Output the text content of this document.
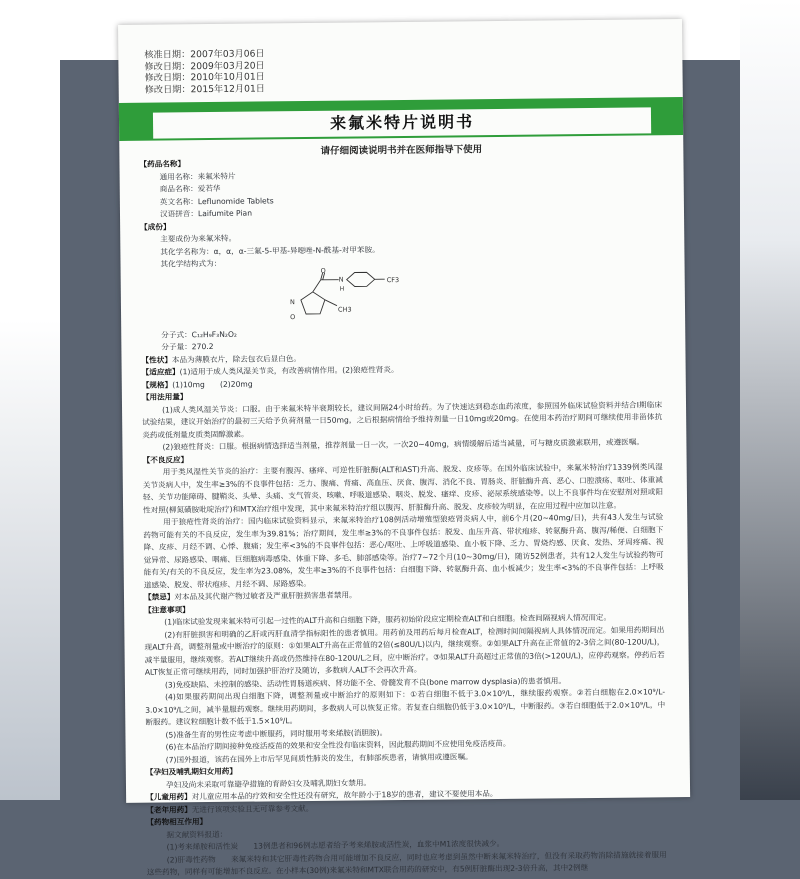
核准日期：2007年03月06日
修改日期：2009年03月20日
修改日期：2010年10月01日
修改日期：2015年12月01日
来氟米特片说明书
请仔细阅读说明书并在医师指导下使用
【药品名称】
通用名称：来氟米特片
商品名称：爱若华
英文名称：Leflunomide Tablets
汉语拼音：Laifumite Pian
【成份】
主要成份为来氟米特。
其化学名称为：α，α，α-三氟-5-甲基-异噁唑-N-酰基-对甲苯胺。
其化学结构式为：
CF3
N
H
O
O
N
CH3
分子式：C₁₂H₉F₃N₂O₂
分子量：270.2
【性状】本品为薄膜衣片，除去包衣后显白色。
【适应症】(1)适用于成人类风湿关节炎，有改善病情作用。(2)狼疮性肾炎。
【规格】(1)10mg　　(2)20mg
【用法用量】
(1)成人类风湿关节炎：口服。由于来氟米特半衰期较长，建议间隔24小时给药。为了快速达到稳态血药浓度，参照国外临床试验资料并结合Ⅰ期临床试验结果，建议开始治疗的最初三天给予负荷剂量一日50mg，之后根据病情给予维持剂量一日10mg或20mg。在使用本药治疗期间可继续使用非甾体抗炎药或低剂量皮质类固醇激素。
(2)狼疮性肾炎：口服。根据病情选择适当剂量，推荐剂量一日一次，一次20~40mg，病情缓解后适当减量，可与糖皮质激素联用，或遵医嘱。
【不良反应】
用于类风湿性关节炎的治疗：主要有腹泻、瘙痒、可逆性肝脏酶(ALT和AST)升高、脱发、皮疹等。在国外临床试验中，来氟米特治疗1339例类风湿关节炎病人中，发生率≥3%的不良事件包括：乏力、腹痛、背痛、高血压、厌食、腹泻、消化不良、胃肠炎、肝脏酶升高、恶心、口腔溃疡、呕吐、体重减轻、关节功能障碍、腱鞘炎、头晕、头痛、支气管炎、咳嗽、呼吸道感染、咽炎、脱发、瘙痒、皮疹、泌尿系统感染等。以上不良事件均在安慰剂对照或阳性对照(柳氮磺胺吡啶治疗)和MTX治疗组中发现，其中来氟米特治疗组以腹泻、肝脏酶升高、脱发、皮疹较为明显，在应用过程中应加以注意。
用于狼疮性肾炎的治疗：国内临床试验资料显示，来氟米特治疗108例活动增殖型狼疮肾炎病人中，前6个月(20~40mg/日)，共有43人发生与试验药物可能有关的不良反应，发生率为39.81%；治疗期间，发生率≥3%的不良事件包括：脱发、血压升高、带状疱疹、转氨酶升高、腹泻/稀便、白细胞下降、皮疹、月经不调、心悸、腹痛；发生率<3%的不良事件包括：恶心/呕吐、上呼吸道感染、血小板下降、乏力、胃烧灼感、厌食、发热、牙周疼痛、视觉异常、尿路感染、咽痛、巨细胞病毒感染、体重下降、多毛、肺部感染等。治疗7~72个月(10~30mg/日)，随访52例患者，共有12人发生与试验药物可能有关/有关的不良反应，发生率为23.08%，发生率≥3%的不良事件包括：白细胞下降、转氨酶升高、血小板减少；发生率<3%的不良事件包括：上呼吸道感染、脱发、带状疱疹、月经不调、尿路感染。
【禁忌】对本品及其代谢产物过敏者及严重肝脏损害患者禁用。
【注意事项】
(1)临床试验发现来氟米特可引起一过性的ALT升高和白细胞下降，服药初始阶段应定期检查ALT和白细胞。检查间隔视病人情况而定。
(2)有肝脏损害和明确的乙肝或丙肝血清学指标阳性的患者慎用。用药前及用药后每月检查ALT，检测时间间隔视病人具体情况而定。如果用药期间出现ALT升高，调整剂量或中断治疗的原则：①如果ALT升高在正常值的2倍(≤80U/L)以内，继续观察。②如果ALT升高在正常值的2-3倍之间(80-120U/L)，减半量服用，继续观察。若ALT继续升高或仍然维持在80-120U/L之间，应中断治疗。③如果ALT升高超过正常值的3倍(>120U/L)，应停药观察。停药后若ALT恢复正常可继续用药，同时加强护肝治疗及随访，多数病人ALT不会再次升高。
(3)免疫缺陷、未控制的感染、活动性胃肠道疾病、肾功能不全、骨髓发育不良(bone marrow dysplasia)的患者慎用。
(4)如果服药期间出现白细胞下降，调整剂量或中断治疗的原则如下：①若白细胞不低于3.0×10⁹/L，继续服药观察。②若白细胞在2.0×10⁹/L-3.0×10⁹/L之间，减半量服药观察。继续用药期间，多数病人可以恢复正常。若复查白细胞仍低于3.0×10⁹/L，中断服药。③若白细胞低于2.0×10⁹/L，中断服药。建议粒细胞计数不低于1.5×10⁹/L。
(5)准备生育的男性应考虑中断服药，同时服用考来烯胺(消胆胺)。
(6)在本品治疗期间接种免疫活疫苗的效果和安全性没有临床资料，因此服药期间不应使用免疫活疫苗。
(7)国外报道，该药在国外上市后罕见间质性肺炎的发生，有肺部疾患者，请慎用或遵医嘱。
【孕妇及哺乳期妇女用药】
孕妇及尚未采取可靠避孕措施的育龄妇女及哺乳期妇女禁用。
【儿童用药】对儿童应用本品的疗效和安全性还没有研究，故年龄小于18岁的患者，建议不要使用本品。
【老年用药】无进行该项实验且无可靠参考文献。
【药物相互作用】
据文献资料报道：
(1)考来烯胺和活性炭　　13例患者和96例志愿者给予考来烯胺或活性炭，血浆中M1浓度很快减少。
(2)肝毒性药物　　来氟米特和其它肝毒性药物合用可能增加不良反应，同时也应考虑到虽然中断来氟米特治疗，但没有采取药物消除措施就接着服用这些药物，同样有可能增加不良反应。在小样本(30例)来氟米特和MTX联合用药的研究中，有5例肝脏酶出现2-3倍升高，其中2例继
